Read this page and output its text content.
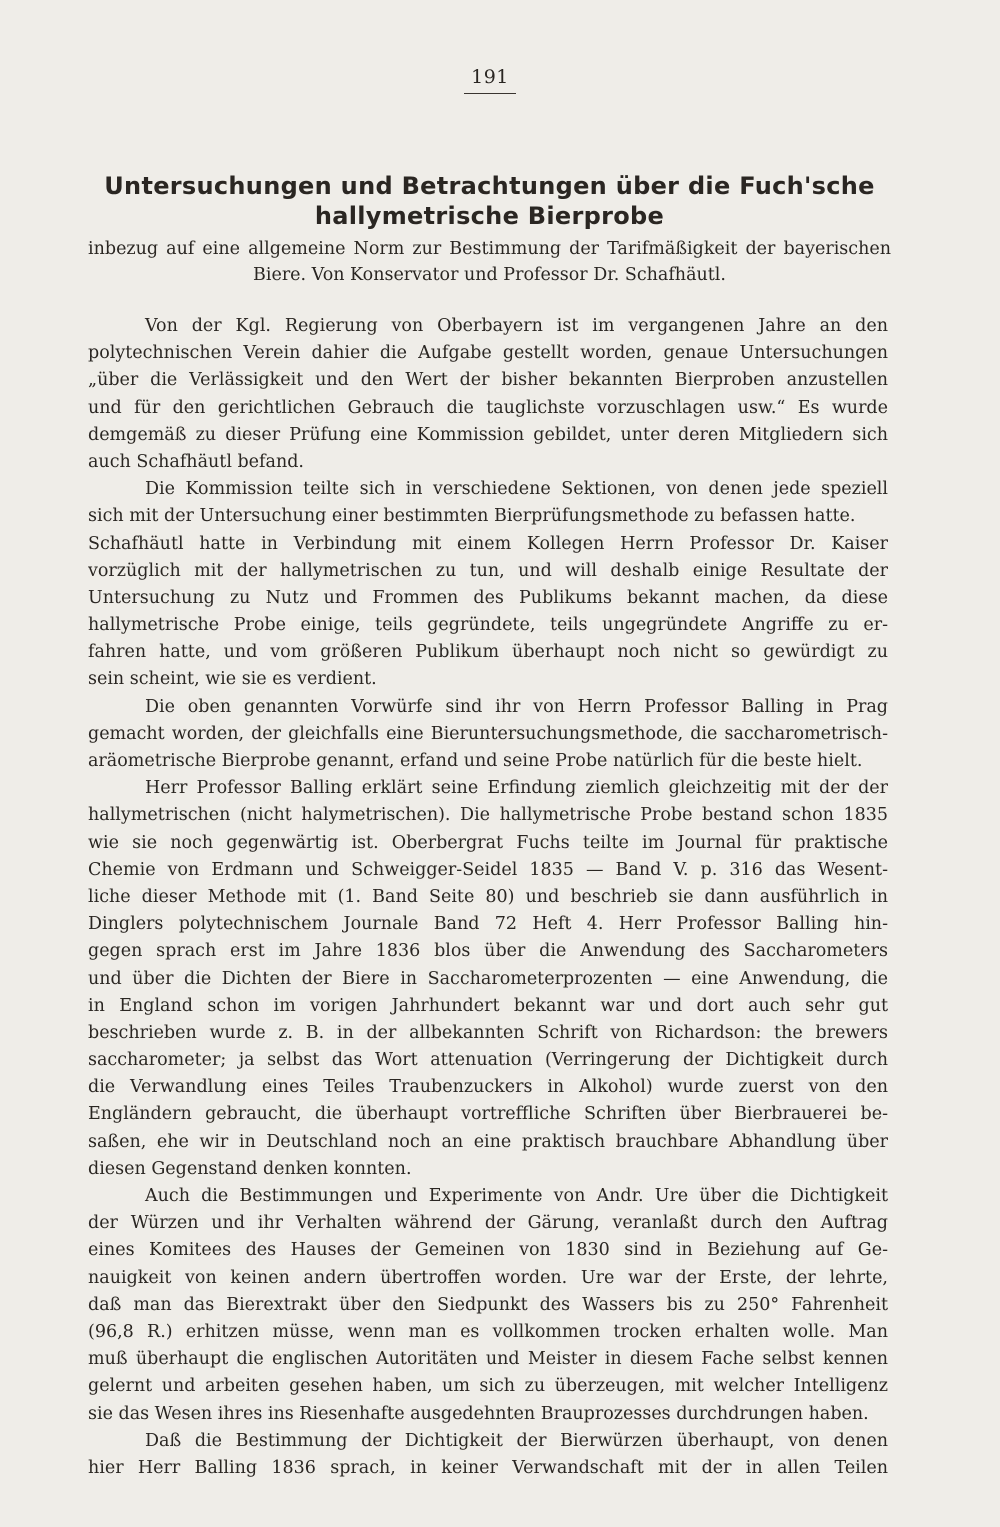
191
Untersuchungen und Betrachtungen über die Fuch'sche hallymetrische Bierprobe

inbezug auf eine allgemeine Norm zur Bestimmung der Tarifmäßigkeit der bayerischen Biere. Von Konservator und Professor Dr. Schafhäutl.

Von der Kgl. Regierung von Oberbayern ist im vergangenen Jahre an den
polytechnischen Verein dahier die Aufgabe gestellt worden, genaue Untersuchungen
„über die Verlässigkeit und den Wert der bisher bekannten Bierproben anzustellen
und für den gerichtlichen Gebrauch die tauglichste vorzuschlagen usw.“ Es wurde
demgemäß zu dieser Prüfung eine Kommission gebildet, unter deren Mitgliedern sich
auch Schafhäutl befand.
Die Kommission teilte sich in verschiedene Sektionen, von denen jede speziell
sich mit der Untersuchung einer bestimmten Bierprüfungsmethode zu befassen hatte.
Schafhäutl hatte in Verbindung mit einem Kollegen Herrn Professor Dr. Kaiser
vorzüglich mit der hallymetrischen zu tun, und will deshalb einige Resultate der
Untersuchung zu Nutz und Frommen des Publikums bekannt machen, da diese
hallymetrische Probe einige, teils gegründete, teils ungegründete Angriffe zu er-
fahren hatte, und vom größeren Publikum überhaupt noch nicht so gewürdigt zu
sein scheint, wie sie es verdient.
Die oben genannten Vorwürfe sind ihr von Herrn Professor Balling in Prag
gemacht worden, der gleichfalls eine Bieruntersuchungsmethode, die saccharometrisch-
aräometrische Bierprobe genannt, erfand und seine Probe natürlich für die beste hielt.
Herr Professor Balling erklärt seine Erfindung ziemlich gleichzeitig mit der der
hallymetrischen (nicht halymetrischen). Die hallymetrische Probe bestand schon 1835
wie sie noch gegenwärtig ist. Oberbergrat Fuchs teilte im Journal für praktische
Chemie von Erdmann und Schweigger-Seidel 1835 — Band V. p. 316 das Wesent-
liche dieser Methode mit (1. Band Seite 80) und beschrieb sie dann ausführlich in
Dinglers polytechnischem Journale Band 72 Heft 4. Herr Professor Balling hin-
gegen sprach erst im Jahre 1836 blos über die Anwendung des Saccharometers
und über die Dichten der Biere in Saccharometerprozenten — eine Anwendung, die
in England schon im vorigen Jahrhundert bekannt war und dort auch sehr gut
beschrieben wurde z. B. in der allbekannten Schrift von Richardson: the brewers
saccharometer; ja selbst das Wort attenuation (Verringerung der Dichtigkeit durch
die Verwandlung eines Teiles Traubenzuckers in Alkohol) wurde zuerst von den
Engländern gebraucht, die überhaupt vortreffliche Schriften über Bierbrauerei be-
saßen, ehe wir in Deutschland noch an eine praktisch brauchbare Abhandlung über
diesen Gegenstand denken konnten.
Auch die Bestimmungen und Experimente von Andr. Ure über die Dichtigkeit
der Würzen und ihr Verhalten während der Gärung, veranlaßt durch den Auftrag
eines Komitees des Hauses der Gemeinen von 1830 sind in Beziehung auf Ge-
nauigkeit von keinen andern übertroffen worden. Ure war der Erste, der lehrte,
daß man das Bierextrakt über den Siedpunkt des Wassers bis zu 250° Fahrenheit
(96,8 R.) erhitzen müsse, wenn man es vollkommen trocken erhalten wolle. Man
muß überhaupt die englischen Autoritäten und Meister in diesem Fache selbst kennen
gelernt und arbeiten gesehen haben, um sich zu überzeugen, mit welcher Intelligenz
sie das Wesen ihres ins Riesenhafte ausgedehnten Brauprozesses durchdrungen haben.
Daß die Bestimmung der Dichtigkeit der Bierwürzen überhaupt, von denen
hier Herr Balling 1836 sprach, in keiner Verwandschaft mit der in allen Teilen
